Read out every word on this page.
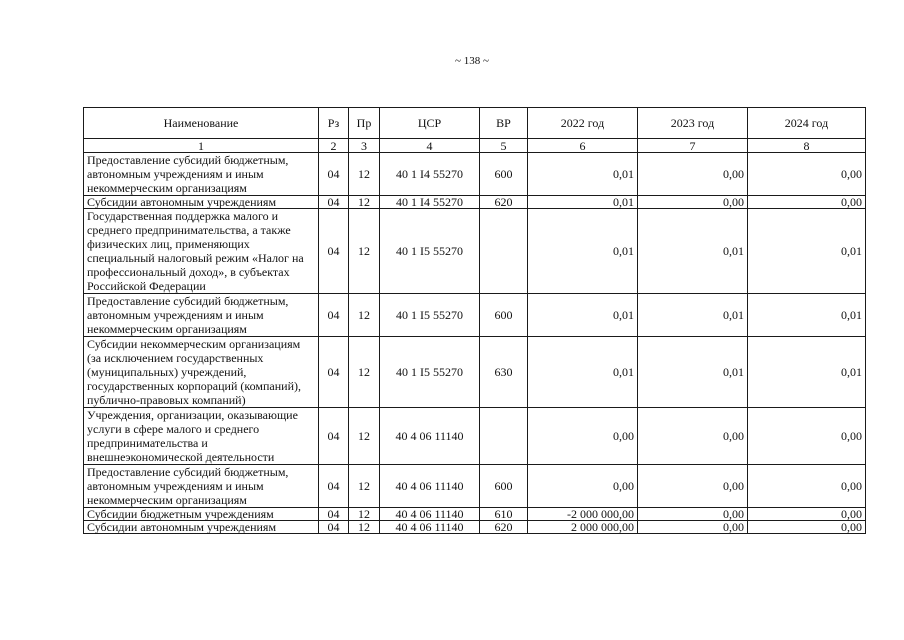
~ 138 ~
Наименование	Рз	Пр	ЦСР	ВР	2022 год	2023 год	2024 год
1	2	3	4	5	6	7	8
Предоставление субсидий бюджетным, автономным учреждениям и иным некоммерческим организациям	04	12	40 1 I4 55270	600	0,01	0,00	0,00
Субсидии автономным учреждениям	04	12	40 1 I4 55270	620	0,01	0,00	0,00
Государственная поддержка малого и среднего предпринимательства, а также физических лиц, применяющих специальный налоговый режим «Налог на профессиональный доход», в субъектах Российской Федерации	04	12	40 1 I5 55270		0,01	0,01	0,01
Предоставление субсидий бюджетным, автономным учреждениям и иным некоммерческим организациям	04	12	40 1 I5 55270	600	0,01	0,01	0,01
Субсидии некоммерческим организациям (за исключением государственных (муниципальных) учреждений, государственных корпораций (компаний), публично-правовых компаний)	04	12	40 1 I5 55270	630	0,01	0,01	0,01
Учреждения, организации, оказывающие услуги в сфере малого и среднего предпринимательства и внешнеэкономической деятельности	04	12	40 4 06 11140		0,00	0,00	0,00
Предоставление субсидий бюджетным, автономным учреждениям и иным некоммерческим организациям	04	12	40 4 06 11140	600	0,00	0,00	0,00
Субсидии бюджетным учреждениям	04	12	40 4 06 11140	610	-2 000 000,00	0,00	0,00
Субсидии автономным учреждениям	04	12	40 4 06 11140	620	2 000 000,00	0,00	0,00
